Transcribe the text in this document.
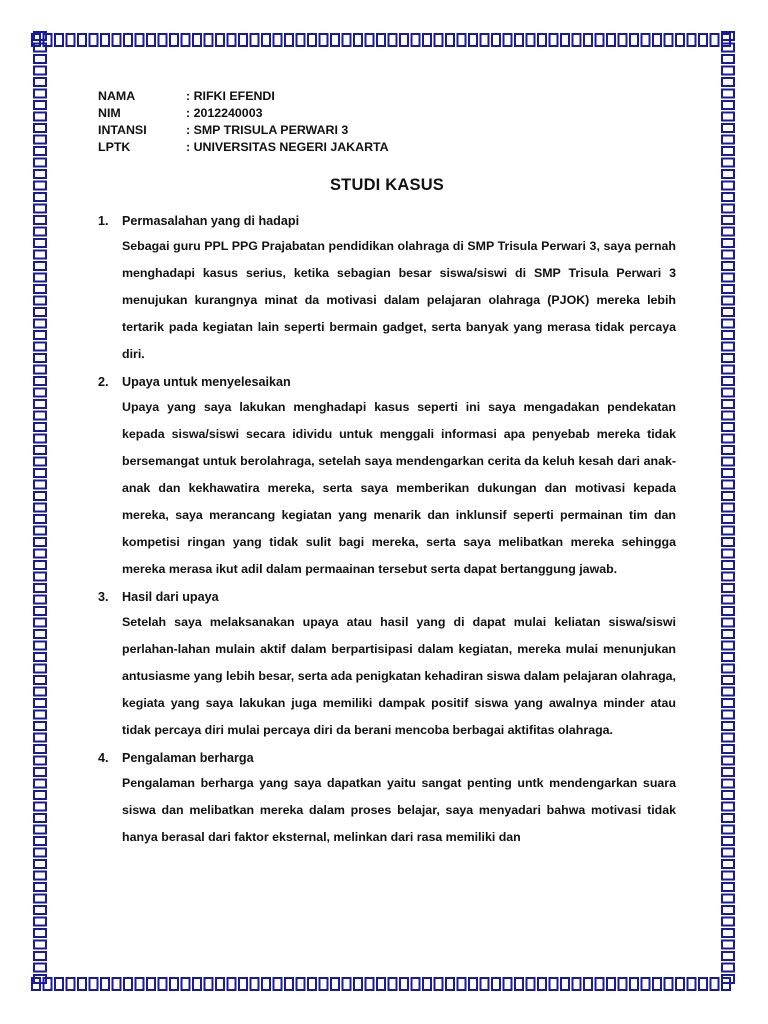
NAMA	: RIFKI EFENDI
NIM	: 2012240003
INTANSI	: SMP TRISULA PERWARI 3
LPTK	: UNIVERSITAS NEGERI JAKARTA
STUDI KASUS
1.	Permasalahan yang di hadapi
Sebagai guru PPL PPG Prajabatan pendidikan olahraga di SMP Trisula Perwari 3, saya pernah menghadapi kasus serius, ketika sebagian besar siswa/siswi di SMP Trisula Perwari 3 menujukan kurangnya minat da motivasi dalam pelajaran olahraga (PJOK) mereka lebih tertarik pada kegiatan lain seperti bermain gadget, serta banyak yang merasa tidak percaya diri.
2.	Upaya untuk menyelesaikan
Upaya yang saya lakukan menghadapi kasus seperti ini saya mengadakan pendekatan kepada siswa/siswi secara idividu untuk menggali informasi apa penyebab mereka tidak bersemangat untuk berolahraga, setelah saya mendengarkan cerita da keluh kesah dari anak-anak dan kekhawatira mereka, serta saya memberikan dukungan dan motivasi kepada mereka, saya merancang kegiatan yang menarik dan inklunsif seperti permainan tim dan kompetisi ringan yang tidak sulit bagi mereka, serta saya melibatkan mereka sehingga mereka merasa ikut adil dalam permaainan tersebut serta dapat bertanggung jawab.
3.	Hasil dari upaya
Setelah saya melaksanakan upaya atau hasil yang di dapat mulai keliatan siswa/siswi perlahan-lahan mulain aktif dalam berpartisipasi dalam kegiatan, mereka mulai menunjukan antusiasme yang lebih besar, serta ada penigkatan kehadiran siswa dalam pelajaran olahraga, kegiata yang saya lakukan juga memiliki dampak positif siswa yang awalnya minder atau tidak percaya diri mulai percaya diri da berani mencoba berbagai aktifitas olahraga.
4.	Pengalaman berharga
Pengalaman berharga yang saya dapatkan yaitu sangat penting untk mendengarkan suara siswa dan melibatkan mereka dalam proses belajar, saya menyadari bahwa motivasi tidak hanya berasal dari faktor eksternal, melinkan dari rasa memiliki dan
